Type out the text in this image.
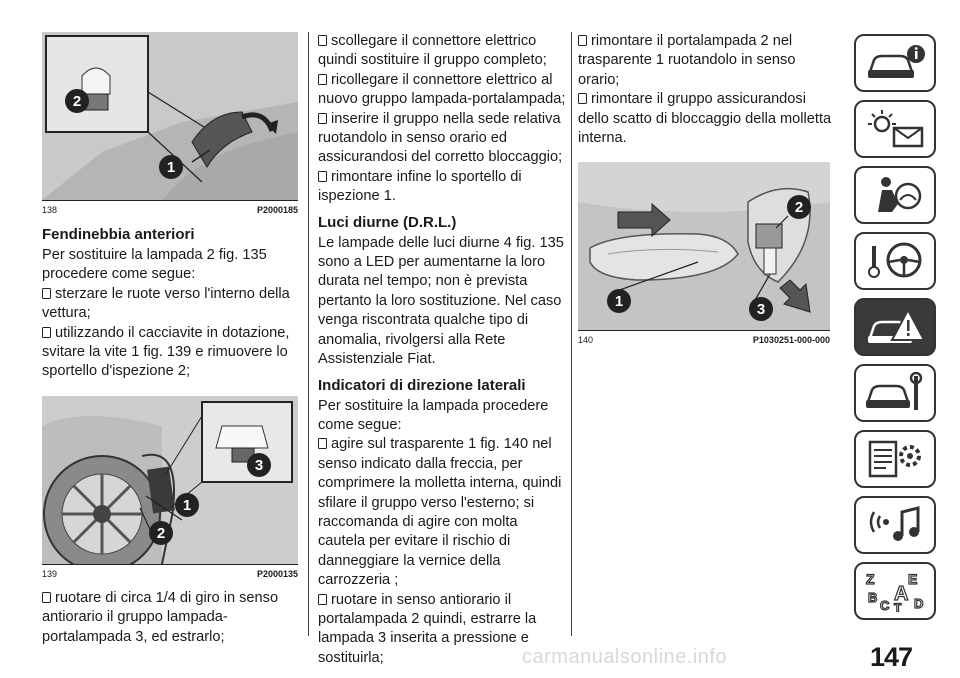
2
1
138	P2000185
Fendinebbia anteriori

Per sostituire la lampada 2 fig. 135 procedere come segue:

sterzare le ruote verso l'interno della vettura;

utilizzando il cacciavite in dotazione, svitare la vite 1 fig. 139 e rimuovere lo sportello d'ispezione 2;

3
1
2
139	P2000135

ruotare di circa 1/4 di giro in senso antiorario il gruppo lampada-portalampada 3, ed estrarlo;

scollegare il connettore elettrico quindi sostituire il gruppo completo;

ricollegare il connettore elettrico al nuovo gruppo lampada-portalampada;

inserire il gruppo nella sede relativa ruotandolo in senso orario ed assicurandosi del corretto bloccaggio;

rimontare infine lo sportello di ispezione 1.

Luci diurne (D.R.L.)

Le lampade delle luci diurne 4 fig. 135 sono a LED per aumentarne la loro durata nel tempo; non è prevista pertanto la loro sostituzione. Nel caso venga riscontrata qualche tipo di anomalia, rivolgersi alla Rete Assistenziale Fiat.

Indicatori di direzione laterali

Per sostituire la lampada procedere come segue:

agire sul trasparente 1 fig. 140 nel senso indicato dalla freccia, per comprimere la molletta interna, quindi sfilare il gruppo verso l'esterno; si raccomanda di agire con molta cautela per evitare il rischio di danneggiare la vernice della carrozzeria ;

ruotare in senso antiorario il portalampada 2 quindi, estrarre la lampada 3 inserita a pressione e sostituirla;

rimontare il portalampada 2 nel trasparente 1 ruotandolo in senso orario;

rimontare il gruppo assicurandosi dello scatto di bloccaggio della molletta interna.

2
1	3
140	P1030251-000-000
Z E
B A
C D
T
carmanualsonline.info	147
